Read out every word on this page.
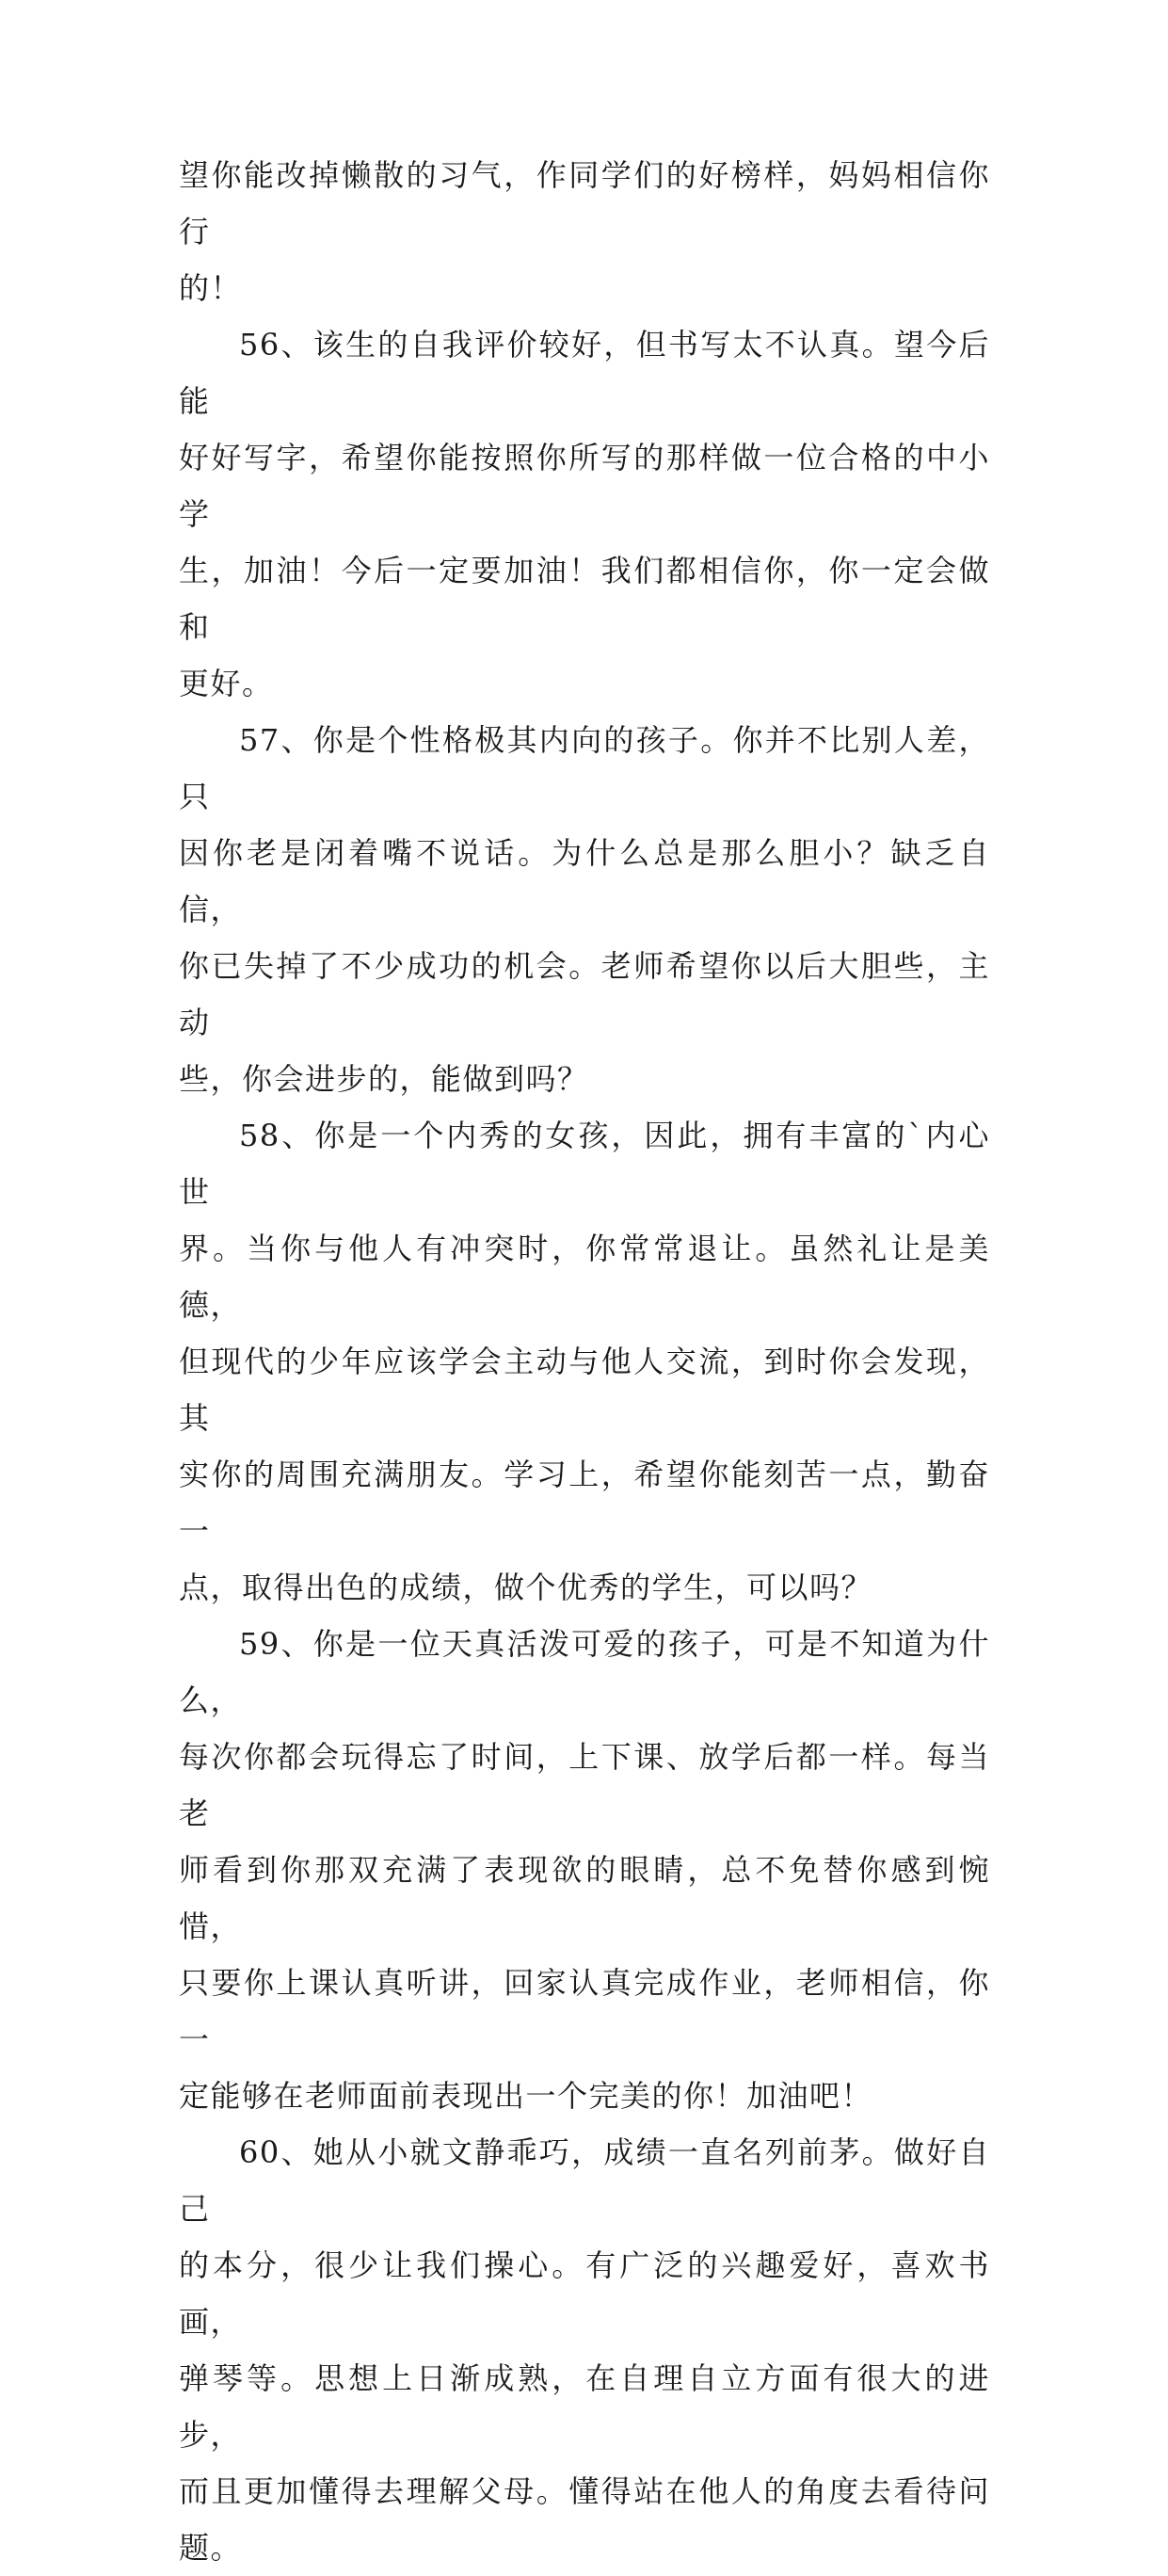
望你能改掉懒散的习气，作同学们的好榜样，妈妈相信你行
的！
56、该生的自我评价较好，但书写太不认真。望今后能
好好写字，希望你能按照你所写的那样做一位合格的中小学
生，加油！今后一定要加油！我们都相信你，你一定会做和
更好。
57、你是个性格极其内向的孩子。你并不比别人差，只
因你老是闭着嘴不说话。为什么总是那么胆小？缺乏自信，
你已失掉了不少成功的机会。老师希望你以后大胆些，主动
些，你会进步的，能做到吗？
58、你是一个内秀的女孩，因此，拥有丰富的`内心世
界。当你与他人有冲突时，你常常退让。虽然礼让是美德，
但现代的少年应该学会主动与他人交流，到时你会发现，其
实你的周围充满朋友。学习上，希望你能刻苦一点，勤奋一
点，取得出色的成绩，做个优秀的学生，可以吗？
59、你是一位天真活泼可爱的孩子，可是不知道为什么，
每次你都会玩得忘了时间，上下课、放学后都一样。每当老
师看到你那双充满了表现欲的眼睛，总不免替你感到惋惜，
只要你上课认真听讲，回家认真完成作业，老师相信，你一
定能够在老师面前表现出一个完美的你！加油吧！
60、她从小就文静乖巧，成绩一直名列前茅。做好自己
的本分，很少让我们操心。有广泛的兴趣爱好，喜欢书画，
弹琴等。思想上日渐成熟，在自理自立方面有很大的进步，
而且更加懂得去理解父母。懂得站在他人的角度去看待问题。
